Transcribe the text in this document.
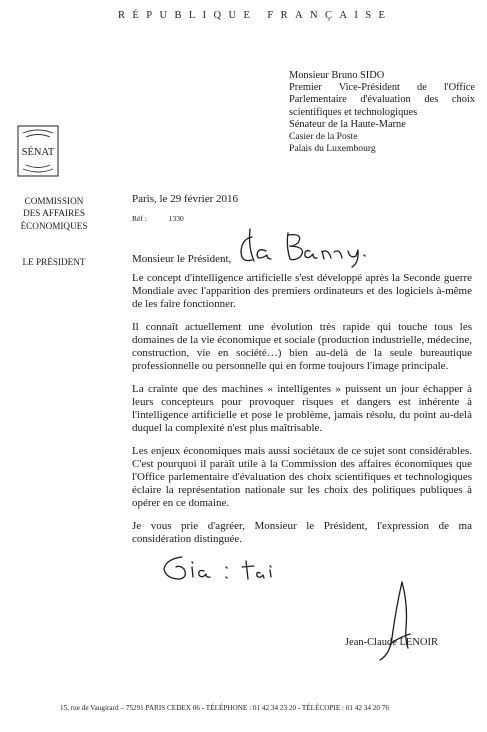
RÉPUBLIQUE FRANÇAISE
Monsieur Bruno SIDO
Premier Vice-Président de l'Office
Parlementaire d'évaluation des choix
scientifiques et technologiques
Sénateur de la Haute-Marne
Casier de la Poste
Palais du Luxembourg
SÉNAT
COMMISSION
DES AFFAIRES
ÉCONOMIQUES
LE PRÉSIDENT
Paris, le 29 février 2016
Réf :	1330
Monsieur le Président,

Le concept d'intelligence artificielle s'est développé après la Seconde guerre Mondiale avec l'apparition des premiers ordinateurs et des logiciels à-même de les faire fonctionner.

Il connaît actuellement une évolution très rapide qui touche tous les domaines de la vie économique et sociale (production industrielle, médecine, construction, vie en société…) bien au-delà de la seule bureautique professionnelle ou personnelle qui en forme toujours l'image principale.

La crainte que des machines « intelligentes » puissent un jour échapper à leurs concepteurs pour provoquer risques et dangers est inhérente à l'intelligence artificielle et pose le problème, jamais résolu, du point au-delà duquel la complexité n'est plus maîtrisable.

Les enjeux économiques mais aussi sociétaux de ce sujet sont considérables. C'est pourquoi il paraît utile à la Commission des affaires économiques que l'Office parlementaire d'évaluation des choix scientifiques et technologiques éclaire la représentation nationale sur les choix des politiques publiques à opérer en ce domaine.

Je vous prie d'agréer, Monsieur le Président, l'expression de ma considération distinguée.

Jean-Claude LENOIR
15, rue de Vaugirard – 75291 PARIS CEDEX 06 - TÉLÉPHONE : 01 42 34 23 20 - TÉLÉCOPIE : 01 42 34 20 76
